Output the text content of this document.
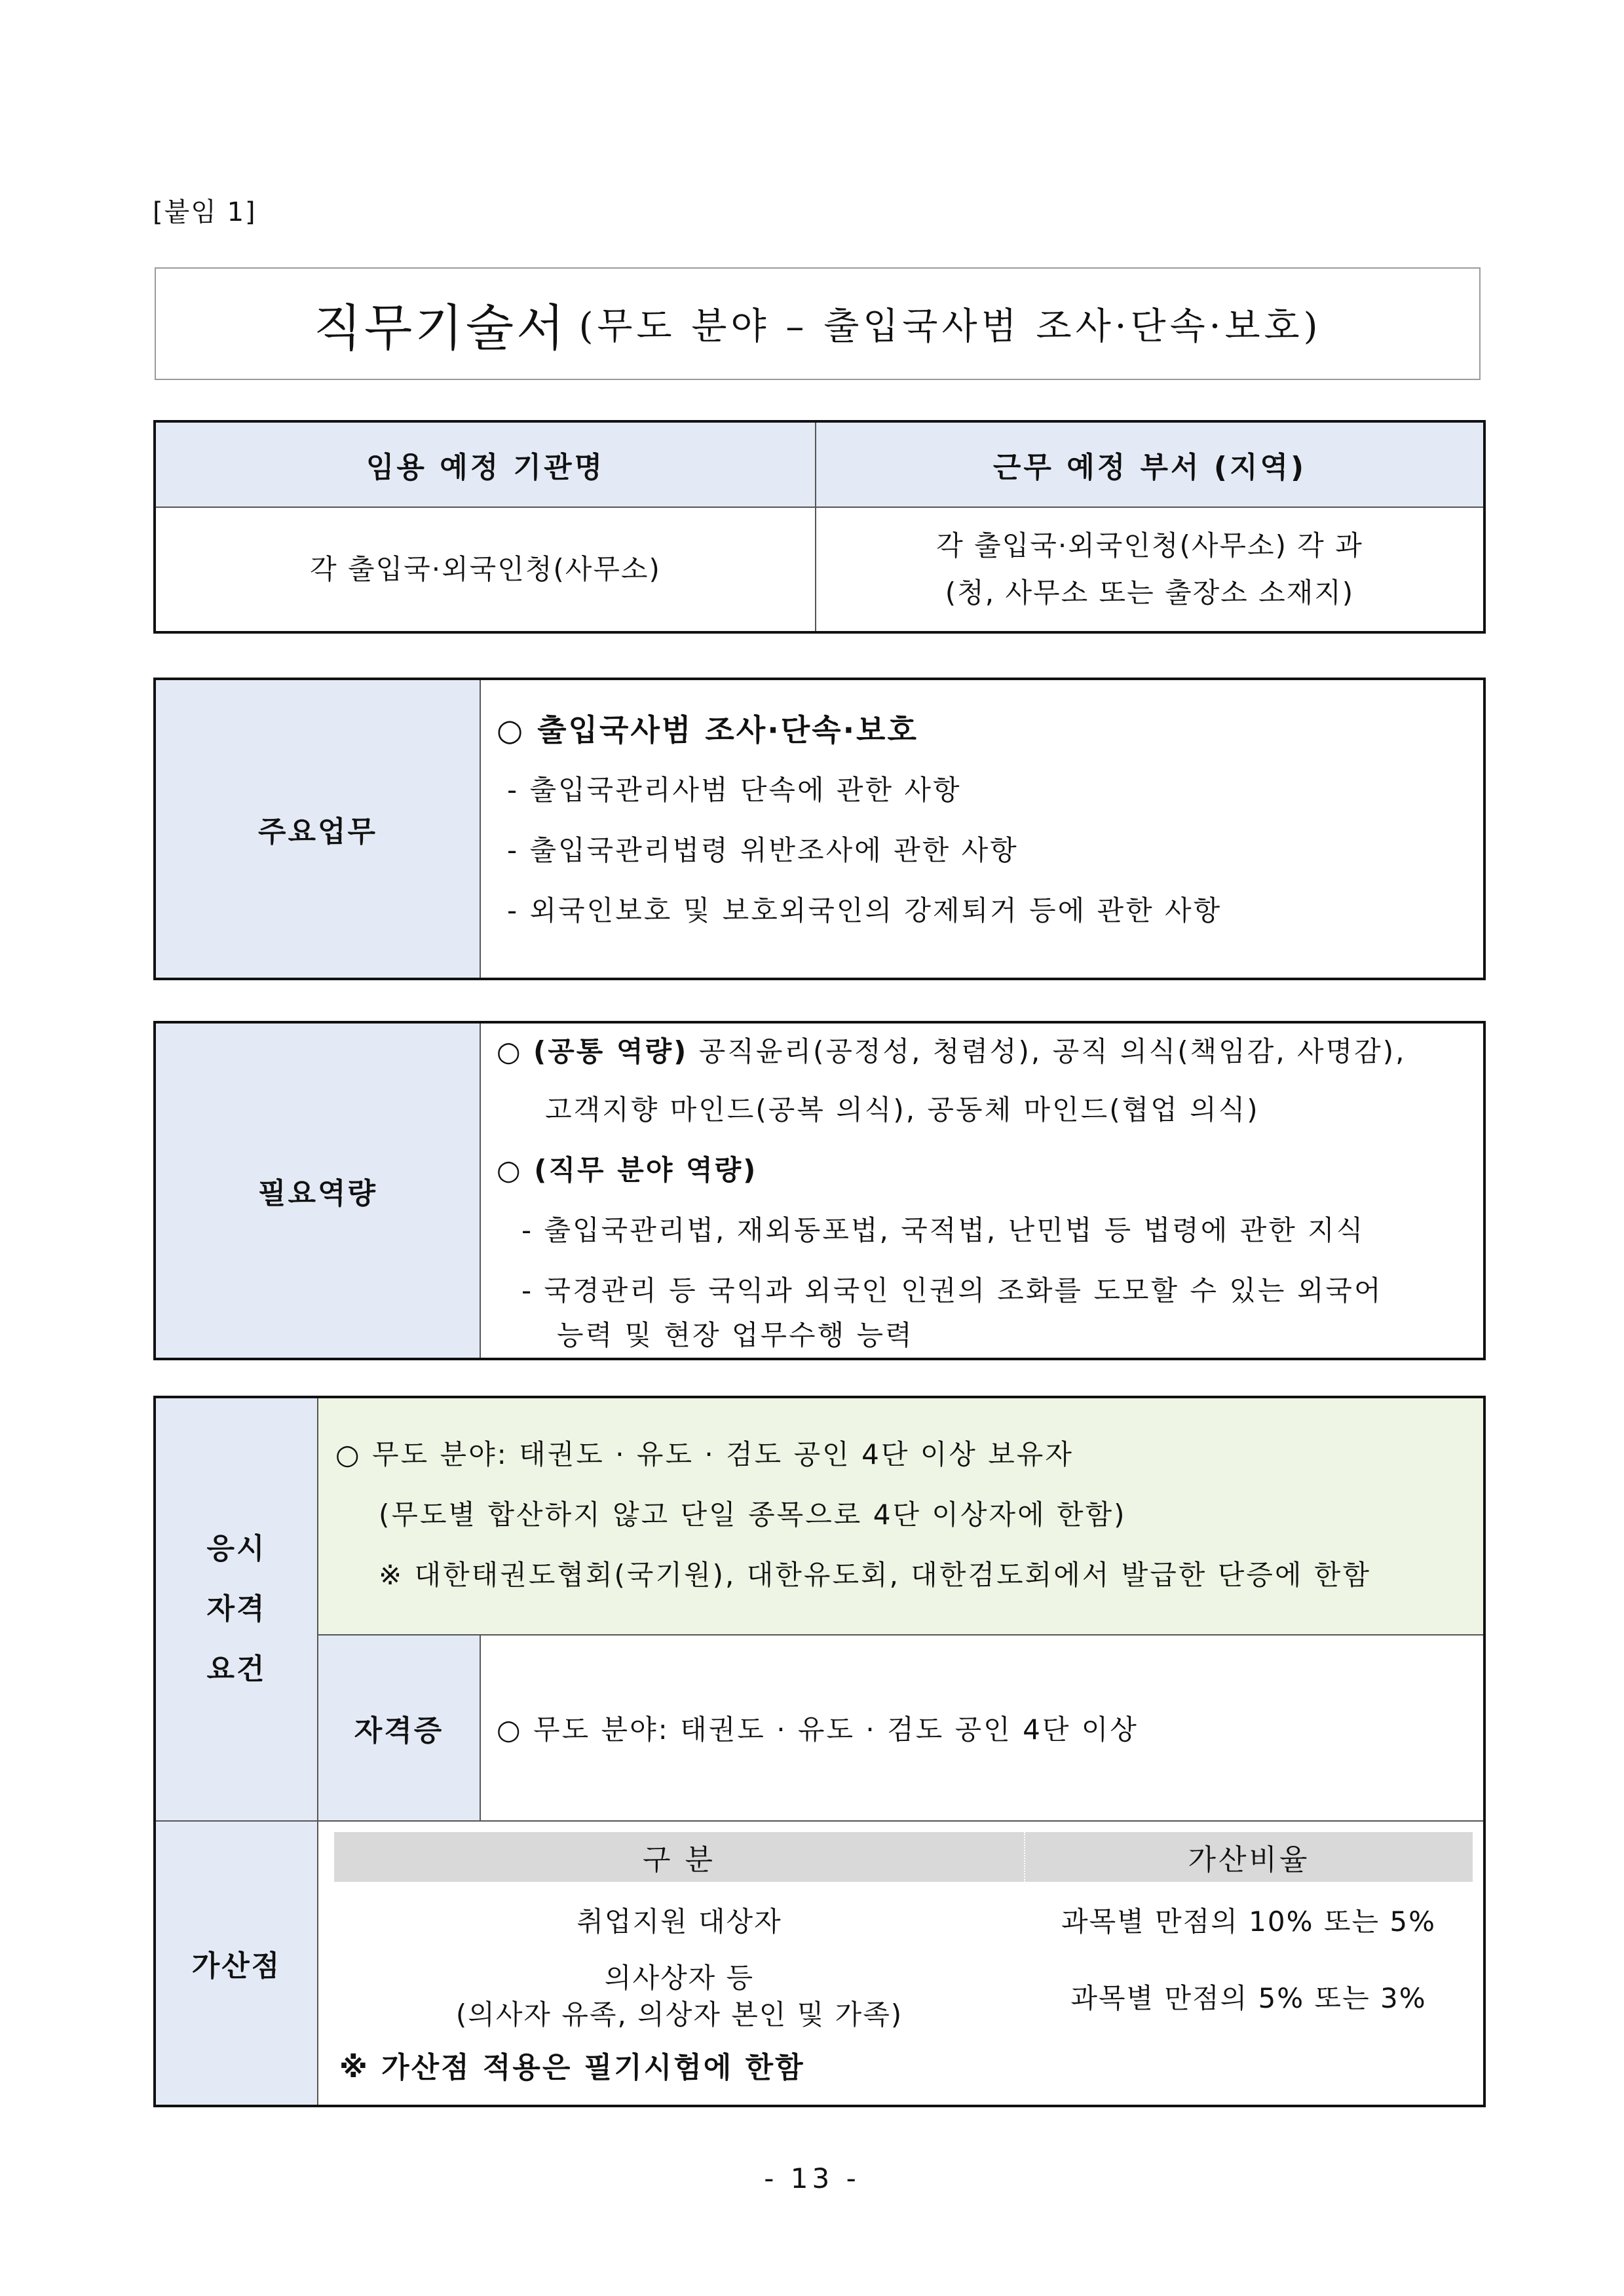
[붙임 1]
직무기술서 (무도 분야 – 출입국사범 조사·단속·보호)
임용 예정 기관명	근무 예정 부서 (지역)
각 출입국·외국인청(사무소)	각 출입국·외국인청(사무소) 각 과
(청, 사무소 또는 출장소 소재지)
주요업무	
○ 출입국사범 조사·단속·보호
- 출입국관리사범 단속에 관한 사항
- 출입국관리법령 위반조사에 관한 사항
- 외국인보호 및 보호외국인의 강제퇴거 등에 관한 사항
필요역량	
○ (공통 역량) 공직윤리(공정성, 청렴성), 공직 의식(책임감, 사명감),
고객지향 마인드(공복 의식), 공동체 마인드(협업 의식)
○ (직무 분야 역량)
- 출입국관리법, 재외동포법, 국적법, 난민법 등 법령에 관한 지식
- 국경관리 등 국익과 외국인 인권의 조화를 도모할 수 있는 외국어
능력 및 현장 업무수행 능력
응시
자격
요건

○ 무도 분야: 태권도 · 유도 · 검도 공인 4단 이상 보유자
(무도별 합산하지 않고 단일 종목으로 4단 이상자에 한함)
※ 대한태권도협회(국기원), 대한유도회, 대한검도회에서 발급한 단증에 한함

자격증	○ 무도 분야: 태권도 · 유도 · 검도 공인 4단 이상
가산점	
구 분	가산비율
취업지원 대상자	과목별 만점의 10% 또는 5%

의사상자 등
(의사자 유족, 의상자 본인 및 가족)
	과목별 만점의 5% 또는 3%
※ 가산점 적용은 필기시험에 한함
- 13 -
